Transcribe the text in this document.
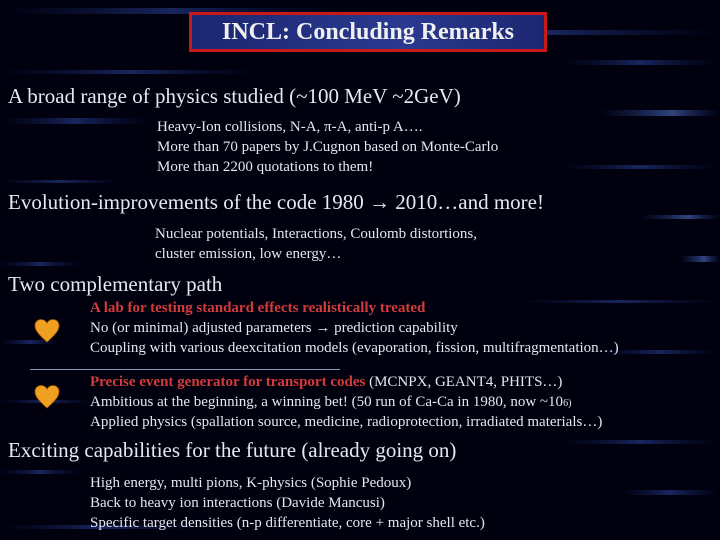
INCL: Concluding Remarks
A broad range of physics studied (~100 MeV ~2GeV)
Heavy-Ion collisions, N-A, π-A, anti-p A….
More than 70 papers by J.Cugnon based on Monte-Carlo
More than 2200 quotations to them!
Evolution-improvements of the code 1980 → 2010…and more!
Nuclear potentials, Interactions, Coulomb distortions,
cluster emission, low energy…
Two complementary path
A lab for testing standard effects realistically treated
No (or minimal) adjusted parameters → prediction capability
Coupling with various deexcitation models (evaporation, fission, multifragmentation…)
Precise event generator for transport codes (MCNPX, GEANT4, PHITS…)
Ambitious at the beginning, a winning bet! (50 run of Ca-Ca in 1980, now ~106)
Applied physics (spallation source, medicine, radioprotection, irradiated materials…)
Exciting capabilities for the future (already going on)
High energy, multi pions, K-physics (Sophie Pedoux)
Back to heavy ion interactions (Davide Mancusi)
Specific target densities (n-p differentiate, core + major shell etc.)
